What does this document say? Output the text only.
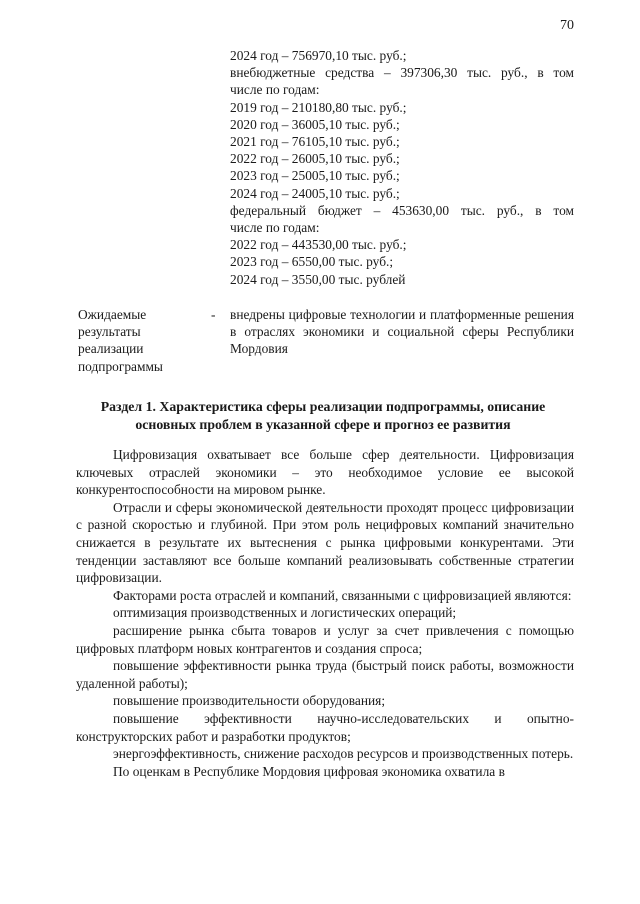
70
2024 год – 756970,10 тыс. руб.;
внебюджетные средства – 397306,30 тыс. руб., в том
числе по годам:
2019 год – 210180,80 тыс. руб.;
2020 год – 36005,10 тыс. руб.;
2021 год – 76105,10 тыс. руб.;
2022 год – 26005,10 тыс. руб.;
2023 год – 25005,10 тыс. руб.;
2024 год – 24005,10 тыс. руб.;
федеральный бюджет – 453630,00 тыс. руб., в том
числе по годам:
2022 год – 443530,00 тыс. руб.;
2023 год – 6550,00 тыс. руб.;
2024 год – 3550,00 тыс. рублей
Ожидаемые
результаты
реализации
подпрограммы
- внедрены цифровые технологии и платформенные решения в отраслях экономики и социальной сферы Республики Мордовия
Раздел 1. Характеристика сферы реализации подпрограммы, описание основных проблем в указанной сфере и прогноз ее развития

Цифровизация охватывает все больше сфер деятельности. Цифровизация ключевых отраслей экономики – это необходимое условие ее высокой конкурентоспособности на мировом рынке.

Отрасли и сферы экономической деятельности проходят процесс цифровизации с разной скоростью и глубиной. При этом роль нецифровых компаний значительно снижается в результате их вытеснения с рынка цифровыми конкурентами. Эти тенденции заставляют все больше компаний реализовывать собственные стратегии цифровизации.

Факторами роста отраслей и компаний, связанными с цифровизацией являются:

оптимизация производственных и логистических операций;

расширение рынка сбыта товаров и услуг за счет привлечения с помощью цифровых платформ новых контрагентов и создания спроса;

повышение эффективности рынка труда (быстрый поиск работы, возможности удаленной работы);

повышение производительности оборудования;

повышение эффективности научно-исследовательских и опытно-конструкторских работ и разработки продуктов;

энергоэффективность, снижение расходов ресурсов и производственных потерь.

По оценкам в Республике Мордовия цифровая экономика охватила в
